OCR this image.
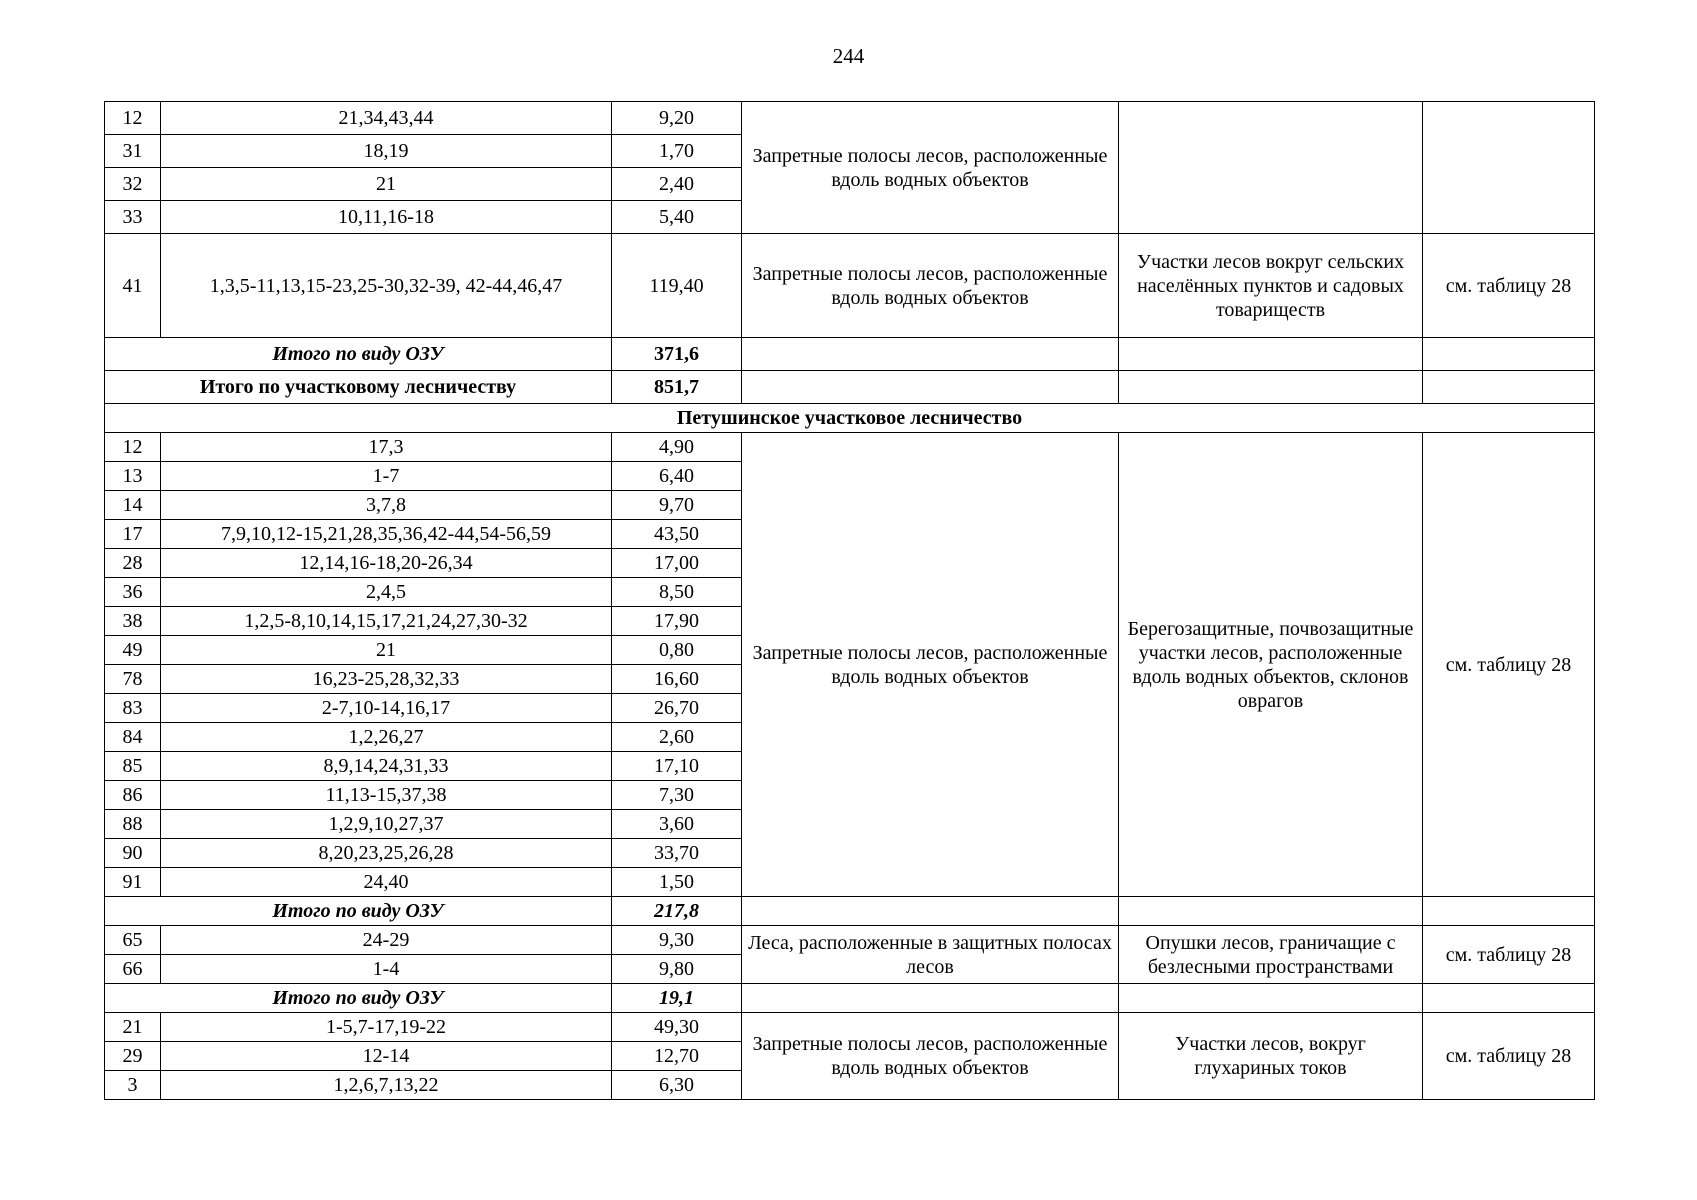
244
12	21,34,43,44	9,20	Запретные полосы лесов, расположенные вдоль водных объектов		
31	18,19	1,70			
32	21	2,40			
33	10,11,16-18	5,40			
41	1,3,5-11,13,15-23,25-30,32-39, 42-44,46,47	119,40	Запретные полосы лесов, расположенные вдоль водных объектов	Участки лесов вокруг сельских населённых пунктов и садовых товариществ	см. таблицу 28
Итого по виду ОЗУ		371,6			
Итого по участковому лесничеству		851,7			
Петушинское участковое лесничество					
12	17,3	4,90	Запретные полосы лесов, расположенные вдоль водных объектов	Берегозащитные, почвозащитные участки лесов, расположенные вдоль водных объектов, склонов оврагов	см. таблицу 28
13	1-7	6,40			
14	3,7,8	9,70			
17	7,9,10,12-15,21,28,35,36,42-44,54-56,59	43,50			
28	12,14,16-18,20-26,34	17,00			
36	2,4,5	8,50			
38	1,2,5-8,10,14,15,17,21,24,27,30-32	17,90			
49	21	0,80			
78	16,23-25,28,32,33	16,60			
83	2-7,10-14,16,17	26,70			
84	1,2,26,27	2,60			
85	8,9,14,24,31,33	17,10			
86	11,13-15,37,38	7,30			
88	1,2,9,10,27,37	3,60			
90	8,20,23,25,26,28	33,70			
91	24,40	1,50			
Итого по виду ОЗУ		217,8			
65	24-29	9,30	Леса, расположенные в защитных полосах лесов	Опушки лесов, граничащие с безлесными пространствами	см. таблицу 28
66	1-4	9,80			
Итого по виду ОЗУ		19,1			
21	1-5,7-17,19-22	49,30	Запретные полосы лесов, расположенные вдоль водных объектов	Участки лесов, вокруг глухариных токов	см. таблицу 28
29	12-14	12,70			
3	1,2,6,7,13,22	6,30			
